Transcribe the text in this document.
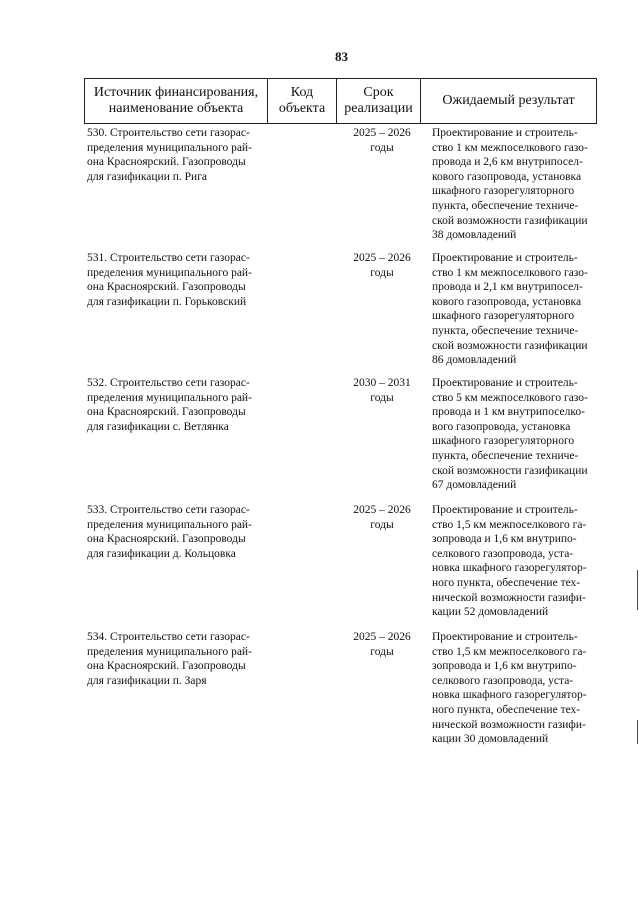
83
Источник финансирования,
наименование объекта
Код
объекта
Срок
реализации
Ожидаемый результат
530. Строительство сети газорас-
пределения муниципального рай-
она Красноярский. Газопроводы
для газификации п. Рига
2025 – 2026
годы
Проектирование и строитель-
ство 1 км межпоселкового газо-
провода и 2,6 км внутрипосел-
кового газопровода, установка
шкафного газорегуляторного
пункта, обеспечение техниче-
ской возможности газификации
38 домовладений
531. Строительство сети газорас-
пределения муниципального рай-
она Красноярский. Газопроводы
для газификации п. Горьковский
2025 – 2026
годы
Проектирование и строитель-
ство 1 км межпоселкового газо-
провода и 2,1 км внутрипосел-
кового газопровода, установка
шкафного газорегуляторного
пункта, обеспечение техниче-
ской возможности газификации
86 домовладений
532. Строительство сети газорас-
пределения муниципального рай-
она Красноярский. Газопроводы
для газификации с. Ветлянка
2030 – 2031
годы
Проектирование и строитель-
ство 5 км межпоселкового газо-
провода и 1 км внутрипоселко-
вого газопровода, установка
шкафного газорегуляторного
пункта, обеспечение техниче-
ской возможности газификации
67 домовладений
533. Строительство сети газорас-
пределения муниципального рай-
она Красноярский. Газопроводы
для газификации д. Кольцовка
2025 – 2026
годы
Проектирование и строитель-
ство 1,5 км межпоселкового га-
зопровода и 1,6 км внутрипо-
селкового газопровода, уста-
новка шкафного газорегулятор-
ного пункта, обеспечение тех-
нической возможности газифи-
кации 52 домовладений
534. Строительство сети газорас-
пределения муниципального рай-
она Красноярский. Газопроводы
для газификации п. Заря
2025 – 2026
годы
Проектирование и строитель-
ство 1,5 км межпоселкового га-
зопровода и 1,6 км внутрипо-
селкового газопровода, уста-
новка шкафного газорегулятор-
ного пункта, обеспечение тех-
нической возможности газифи-
кации 30 домовладений
